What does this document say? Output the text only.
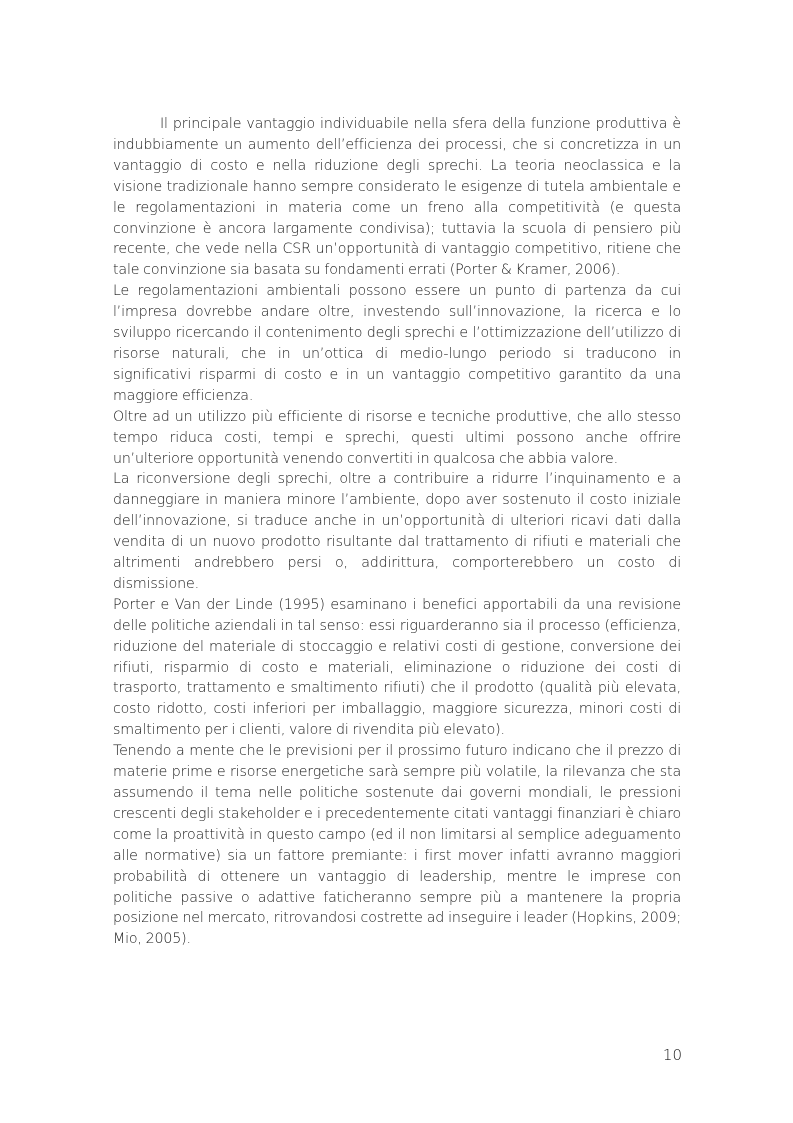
Il principale vantaggio individuabile nella sfera della funzione produttiva è indubbiamente un aumento dell’efficienza dei processi, che si concretizza in un vantaggio di costo e nella riduzione degli sprechi. La teoria neoclassica e la visione tradizionale hanno sempre considerato le esigenze di tutela ambientale e le regolamentazioni in materia come un freno alla competitività (e questa convinzione è ancora largamente condivisa); tuttavia la scuola di pensiero più recente, che vede nella CSR un’opportunità di vantaggio competitivo, ritiene che tale convinzione sia basata su fondamenti errati (Porter & Kramer, 2006).

Le regolamentazioni ambientali possono essere un punto di partenza da cui l’impresa dovrebbe andare oltre, investendo sull’innovazione, la ricerca e lo sviluppo ricercando il contenimento degli sprechi e l’ottimizzazione dell’utilizzo di risorse naturali, che in un’ottica di medio-lungo periodo si traducono in significativi risparmi di costo e in un vantaggio competitivo garantito da una maggiore efficienza.

Oltre ad un utilizzo più efficiente di risorse e tecniche produttive, che allo stesso tempo riduca costi, tempi e sprechi, questi ultimi possono anche offrire un’ulteriore opportunità venendo convertiti in qualcosa che abbia valore.

La riconversione degli sprechi, oltre a contribuire a ridurre l’inquinamento e a danneggiare in maniera minore l’ambiente, dopo aver sostenuto il costo iniziale dell’innovazione, si traduce anche in un’opportunità di ulteriori ricavi dati dalla vendita di un nuovo prodotto risultante dal trattamento di rifiuti e materiali che altrimenti andrebbero persi o, addirittura, comporterebbero un costo di dismissione.

Porter e Van der Linde (1995) esaminano i benefici apportabili da una revisione delle politiche aziendali in tal senso: essi riguarderanno sia il processo (efficienza, riduzione del materiale di stoccaggio e relativi costi di gestione, conversione dei rifiuti, risparmio di costo e materiali, eliminazione o riduzione dei costi di trasporto, trattamento e smaltimento rifiuti) che il prodotto (qualità più elevata, costo ridotto, costi inferiori per imballaggio, maggiore sicurezza, minori costi di smaltimento per i clienti, valore di rivendita più elevato).

Tenendo a mente che le previsioni per il prossimo futuro indicano che il prezzo di materie prime e risorse energetiche sarà sempre più volatile, la rilevanza che sta assumendo il tema nelle politiche sostenute dai governi mondiali, le pressioni crescenti degli stakeholder e i precedentemente citati vantaggi finanziari è chiaro come la proattività in questo campo (ed il non limitarsi al semplice adeguamento alle normative) sia un fattore premiante: i first mover infatti avranno maggiori probabilità di ottenere un vantaggio di leadership, mentre le imprese con politiche passive o adattive faticheranno sempre più a mantenere la propria posizione nel mercato, ritrovandosi costrette ad inseguire i leader (Hopkins, 2009; Mio, 2005).

10
